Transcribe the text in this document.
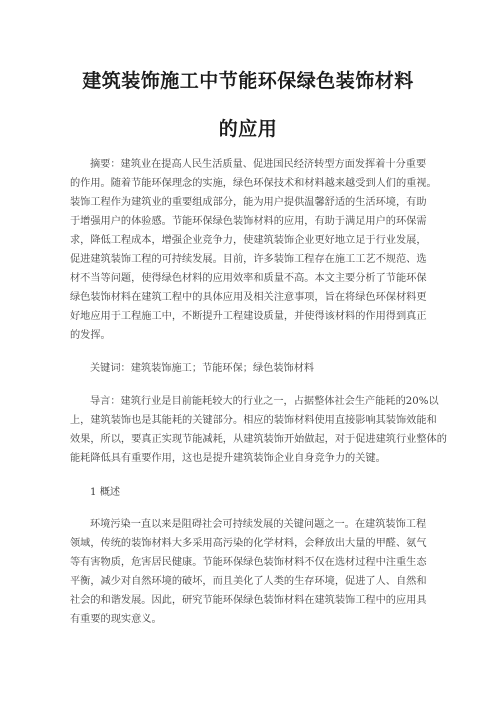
建筑装饰施工中节能环保绿色装饰材料
的应用
摘要：建筑业在提高人民生活质量、促进国民经济转型方面发挥着十分重要
的作用。随着节能环保理念的实施，绿色环保技术和材料越来越受到人们的重视。
装饰工程作为建筑业的重要组成部分，能为用户提供温馨舒适的生活环境，有助
于增强用户的体验感。节能环保绿色装饰材料的应用，有助于满足用户的环保需
求，降低工程成本，增强企业竞争力，使建筑装饰企业更好地立足于行业发展，
促进建筑装饰工程的可持续发展。目前，许多装饰工程存在施工工艺不规范、选
材不当等问题，使得绿色材料的应用效率和质量不高。本文主要分析了节能环保
绿色装饰材料在建筑工程中的具体应用及相关注意事项，旨在将绿色环保材料更
好地应用于工程施工中，不断提升工程建设质量，并使得该材料的作用得到真正
的发挥。
关键词：建筑装饰施工；节能环保；绿色装饰材料
导言：建筑行业是目前能耗较大的行业之一，占据整体社会生产能耗的20%以
上，建筑装饰也是其能耗的关键部分。相应的装饰材料使用直接影响其装饰效能和
效果，所以，要真正实现节能减耗，从建筑装饰开始做起，对于促进建筑行业整体的
能耗降低具有重要作用，这也是提升建筑装饰企业自身竞争力的关键。
1 概述
环境污染一直以来是阻碍社会可持续发展的关键问题之一。在建筑装饰工程
领域，传统的装饰材料大多采用高污染的化学材料，会释放出大量的甲醛、氨气
等有害物质，危害居民健康。节能环保绿色装饰材料不仅在选材过程中注重生态
平衡，减少对自然环境的破坏，而且美化了人类的生存环境，促进了人、自然和
社会的和谐发展。因此，研究节能环保绿色装饰材料在建筑装饰工程中的应用具
有重要的现实意义。
